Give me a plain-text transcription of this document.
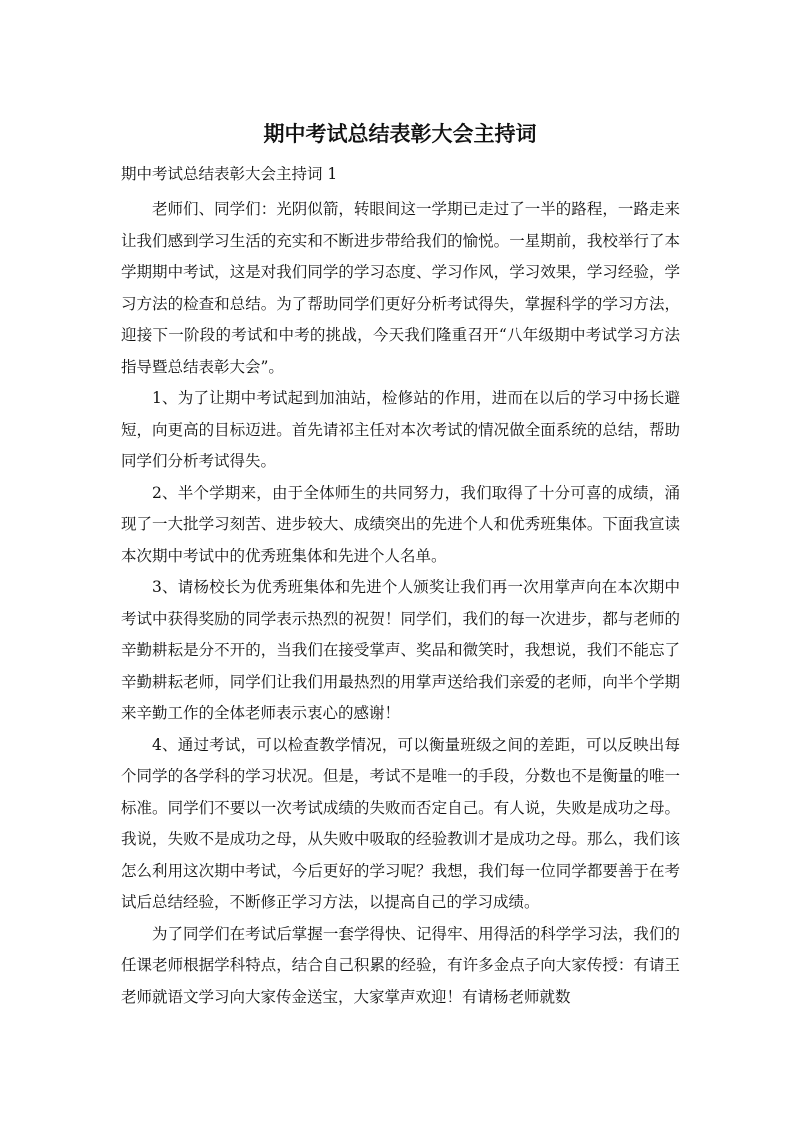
期中考试总结表彰大会主持词

期中考试总结表彰大会主持词 1

老师们、同学们：光阴似箭，转眼间这一学期已走过了一半的路程，一路走来让我们感到学习生活的充实和不断进步带给我们的愉悦。一星期前，我校举行了本学期期中考试，这是对我们同学的学习态度、学习作风，学习效果，学习经验，学习方法的检查和总结。为了帮助同学们更好分析考试得失，掌握科学的学习方法，迎接下一阶段的考试和中考的挑战，今天我们隆重召开“八年级期中考试学习方法指导暨总结表彰大会”。

1、为了让期中考试起到加油站，检修站的作用，进而在以后的学习中扬长避短，向更高的目标迈进。首先请祁主任对本次考试的情况做全面系统的总结，帮助同学们分析考试得失。

2、半个学期来，由于全体师生的共同努力，我们取得了十分可喜的成绩，涌现了一大批学习刻苦、进步较大、成绩突出的先进个人和优秀班集体。下面我宣读本次期中考试中的优秀班集体和先进个人名单。

3、请杨校长为优秀班集体和先进个人颁奖让我们再一次用掌声向在本次期中考试中获得奖励的同学表示热烈的祝贺！同学们，我们的每一次进步，都与老师的辛勤耕耘是分不开的，当我们在接受掌声、奖品和微笑时，我想说，我们不能忘了辛勤耕耘老师，同学们让我们用最热烈的用掌声送给我们亲爱的老师，向半个学期来辛勤工作的全体老师表示衷心的感谢！

4、通过考试，可以检查教学情况，可以衡量班级之间的差距，可以反映出每个同学的各学科的学习状况。但是，考试不是唯一的手段，分数也不是衡量的唯一标准。同学们不要以一次考试成绩的失败而否定自己。有人说，失败是成功之母。我说，失败不是成功之母，从失败中吸取的经验教训才是成功之母。那么，我们该怎么利用这次期中考试，今后更好的学习呢？我想，我们每一位同学都要善于在考试后总结经验，不断修正学习方法，以提高自己的学习成绩。

为了同学们在考试后掌握一套学得快、记得牢、用得活的科学学习法，我们的任课老师根据学科特点，结合自己积累的经验，有许多金点子向大家传授：有请王老师就语文学习向大家传金送宝，大家掌声欢迎！有请杨老师就数
